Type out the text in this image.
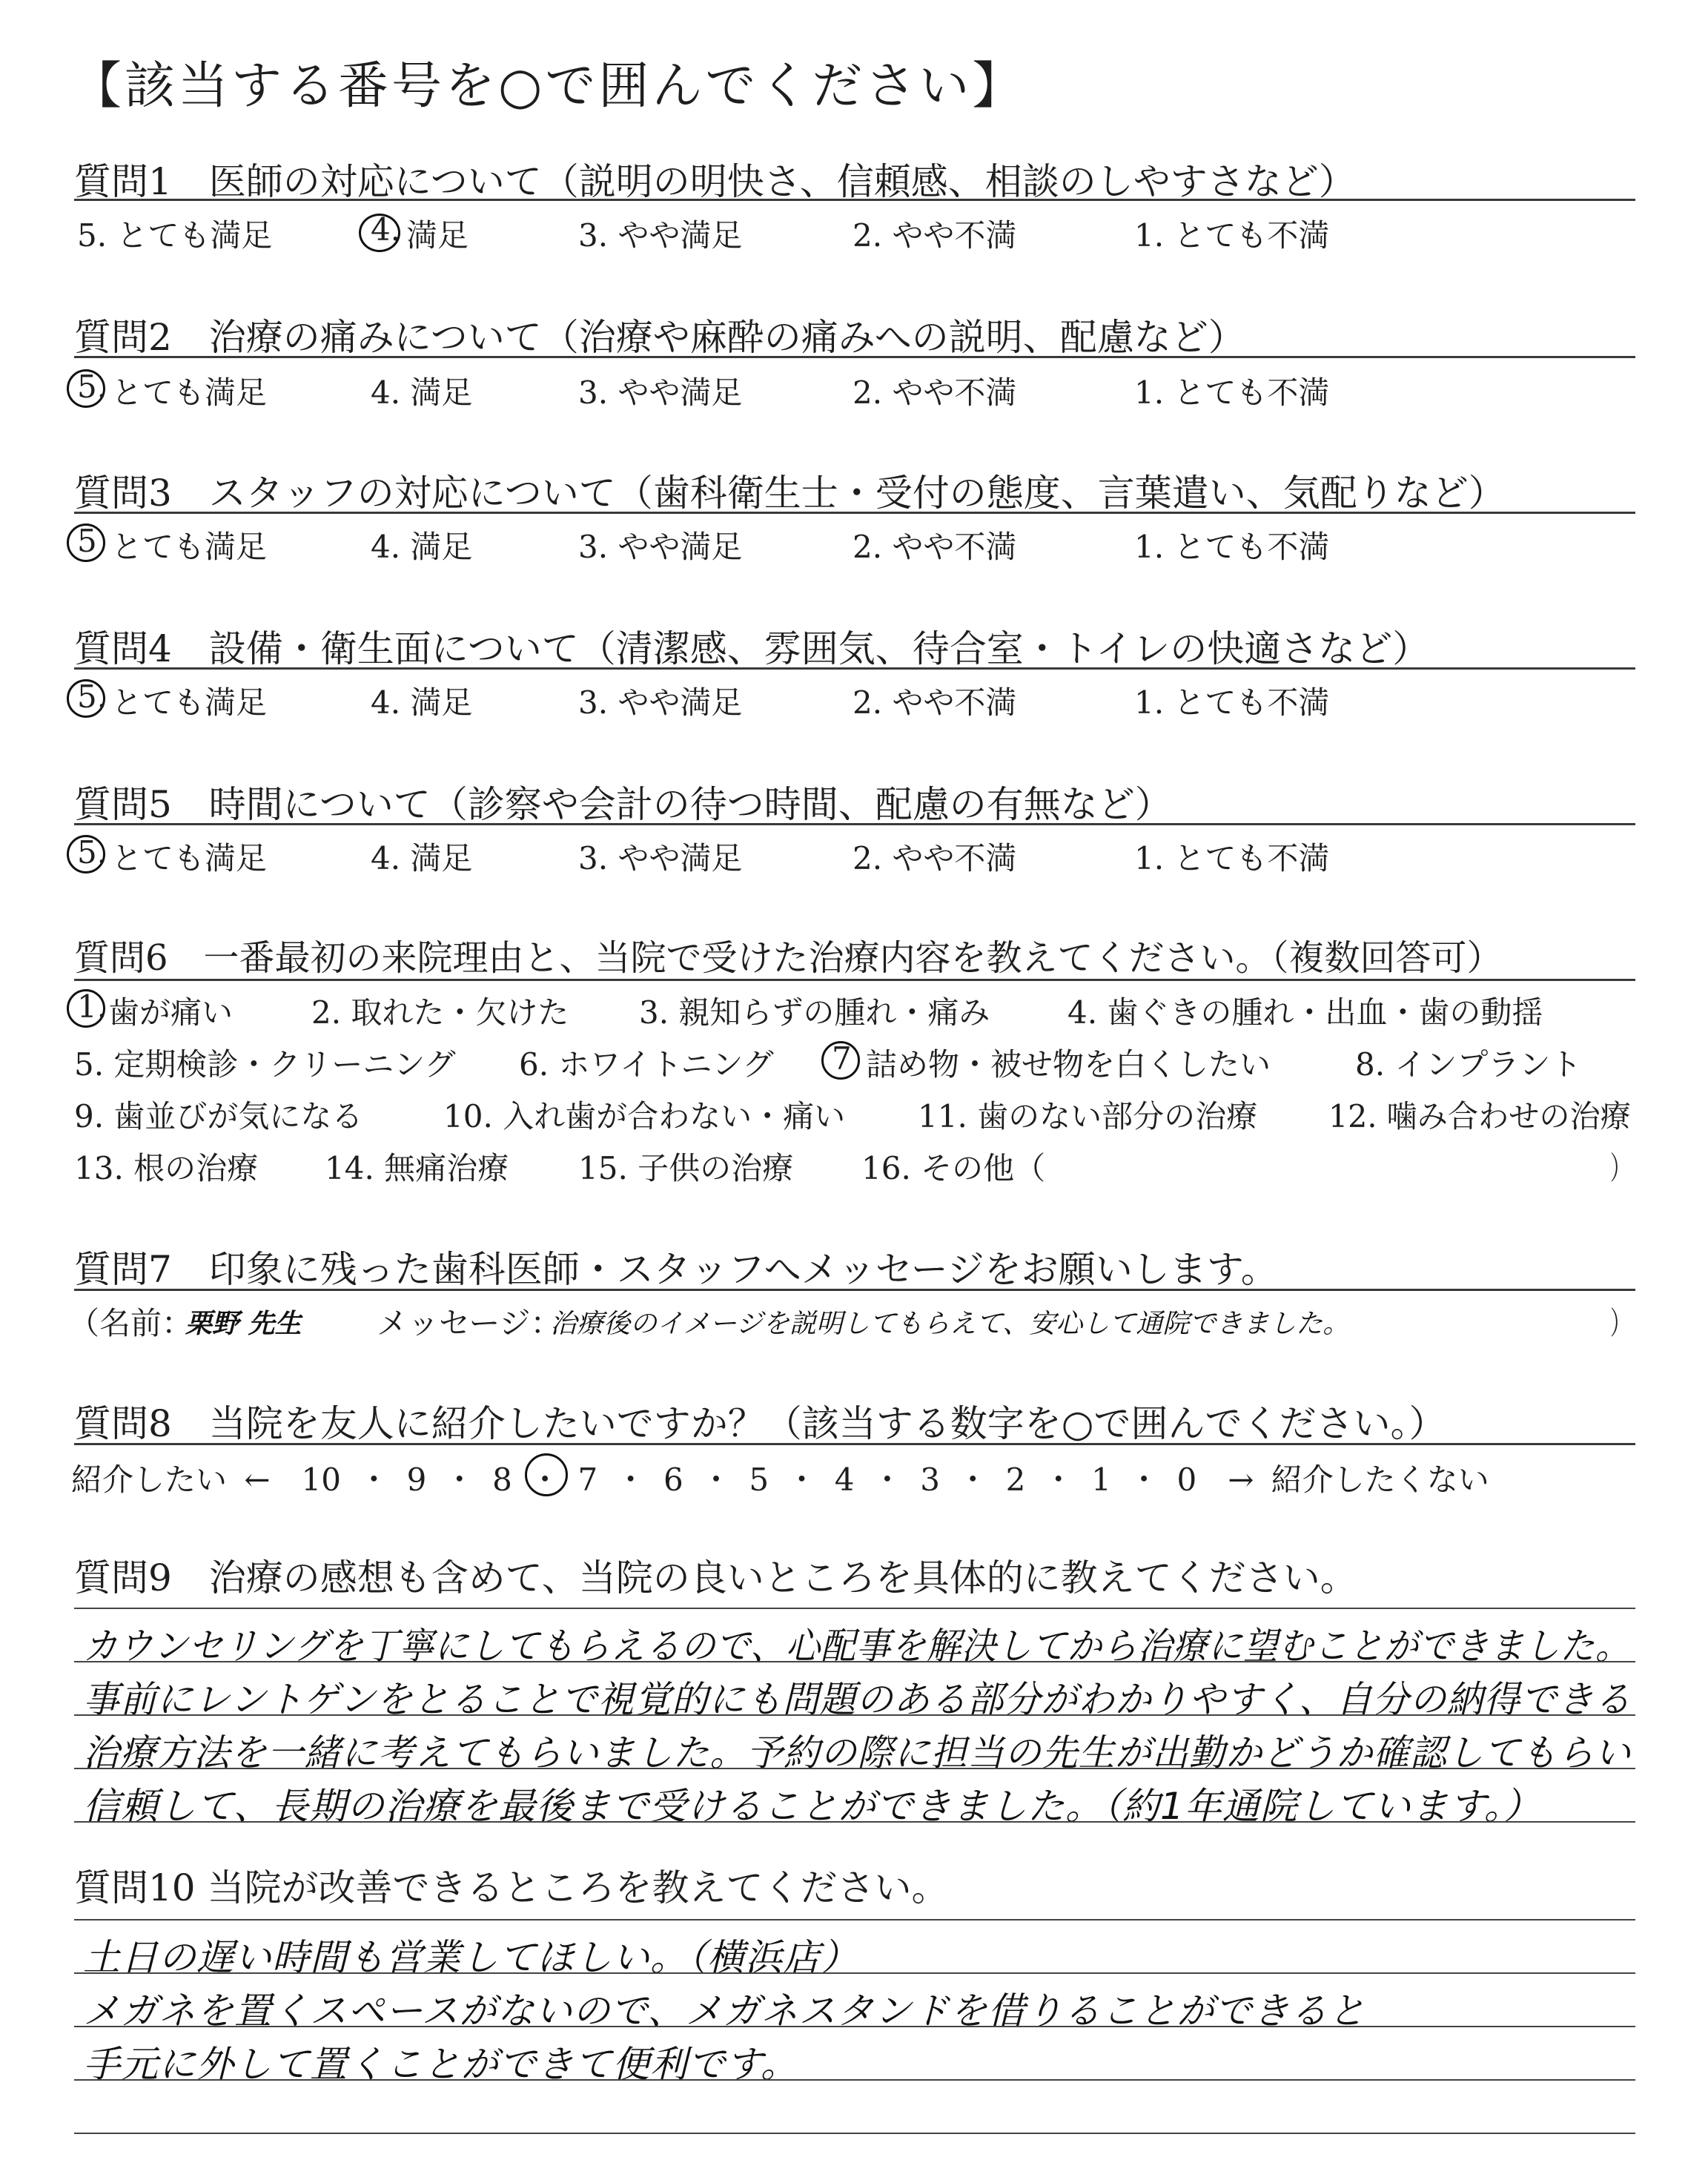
【該当する番号を○で囲んでください】
質問1　医師の対応について（説明の明快さ、信頼感、相談のしやすさなど）
5. とても満足	4. 満足	3. やや満足	2. やや不満	1. とても不満
質問2　治療の痛みについて（治療や麻酔の痛みへの説明、配慮など）
5. とても満足	4. 満足	3. やや満足	2. やや不満	1. とても不満
質問3　スタッフの対応について（歯科衛生士・受付の態度、言葉遣い、気配りなど）
5 とても満足	4. 満足	3. やや満足	2. やや不満	1. とても不満
質問4　設備・衛生面について（清潔感、雰囲気、待合室・トイレの快適さなど）
5. とても満足	4. 満足	3. やや満足	2. やや不満	1. とても不満
質問5　時間について（診察や会計の待つ時間、配慮の有無など）
5. とても満足	4. 満足	3. やや満足	2. やや不満	1. とても不満
質問6　一番最初の来院理由と、当院で受けた治療内容を教えてください。（複数回答可）
1. 歯が痛い	2. 取れた・欠けた 3. 親知らずの腫れ・痛み 4. 歯ぐきの腫れ・出血・歯の動揺
5. 定期検診・クリーニング 6. ホワイトニング 7 詰め物・被せ物を白くしたい	8. インプラント
9. 歯並びが気になる	10. 入れ歯が合わない・痛い 11. 歯のない部分の治療 12. 噛み合わせの治療
13. 根の治療 14. 無痛治療 15. 子供の治療 16. その他（	）
質問7　印象に残った歯科医師・スタッフへメッセージをお願いします。
（名前：
栗野 先生 メッセージ：
治療後のイメージを説明してもらえて、安心して通院できました。	）
質問8　当院を友人に紹介したいですか？（該当する数字を○で囲んでください。）
紹介したい ←　10 ・ 9 ・ 8 ・ 7 ・ 6 ・ 5 ・ 4 ・ 3 ・ 2 ・ 1 ・ 0　→ 紹介したくない
質問9　治療の感想も含めて、当院の良いところを具体的に教えてください。
カウンセリングを丁寧にしてもらえるので、心配事を解決してから治療に望むことができました。
事前にレントゲンをとることで視覚的にも問題のある部分がわかりやすく、自分の納得できる
治療方法を一緒に考えてもらいました。予約の際に担当の先生が出勤かどうか確認してもらい
信頼して、長期の治療を最後まで受けることができました。（約1年通院しています。）
質問10 当院が改善できるところを教えてください。
土日の遅い時間も営業してほしい。（横浜店）
メガネを置くスペースがないので、メガネスタンドを借りることができると
手元に外して置くことができて便利です。
